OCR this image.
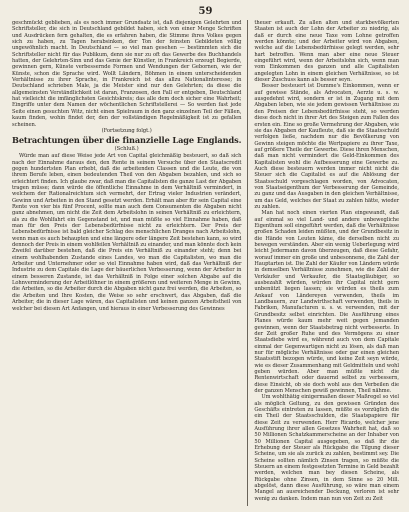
59

geschmückt geblieben, als es noch immer Grundsatz ist, daß diejenigen Gelehrten und Schriftsteller, die sich in Deutschland gebildet haben, sich von einer Menge Schriften und Ausdrücken fern gehalten, die es erfahren haben, die Stimme ihres Volkes gegen sich zu haben, zu Tagen herabsinken, der Ton der feinsten Gebildeten völlig ungewöhnlich macht. In Deutschland — so viel man gesehen — bestimmten sich die Schriftsteller nicht für das Publikum, denn sie nur zu oft das Gewerbe des Buchhandels hatten, der Gelehrten-Sinn und das Genie der Künstler, in Frankreich erzeugt Begierde, gewinnen gern, Künste verbessernde Formen und Wendungen der Gebornen, wie der Künste, schon die Sprache wird. Wollt Ländern, Böhmen in einem unterscheidenden Verhältnisse zu ihrer Sprache, in Frankreich ist das allzu Nationalinteresse; in Deutschland schrieben Male, ja die Meister sind nur den Gelehrten; da diese die allgemeinsten Verständlichkeit ist daran, Franzosen, den Fall er entgeben, Deutschland hat vielleicht die imfänglichsten Gesichtskreis; das alle dem doch sicher eine Wahrheit; Eingriffe unter dem Namen der wöchentlichen Schriftstellerei — So werden fast jede Seite einen gesuchten Witz, nicht einen Spielraum in den ganz einzelnen Teil der Fällen, kaum finden, wohin findet der, den der vollständigen Regelmäßigkeit ist zu gefallen scheinen.

(Fortsetzung folgt.)
Betrachtungen über die finanzielle Lage Englands.
(Schluß.)

Würde man auf diese Weise jede Art von Capital gleichmäßig besteuert, so daß sich nach der Einnahme daraus den, den Rente in seinem Versuche über den Staatscredit gegen hundertsten Plan erhebt, daß die arbeitenden Classen und die Leute, die von ihrem Berufe leben, einen bedeutenden Theil von den Abgaben bezahlen, und sich so erleichtert finden. Ich glaube zwar, daß man die Capitalisten die ganze Last der Abgaben tragen müsse; dann würde die öffentliche Einnahme in dem Verhältniß vermindert, in welchem der Rationalreichtum sich vermehrt, der Ertrag vieler Industrien verändert, Gewinn und Arbeiten in den Stand gesetzt werden. Erhält man aber für sein Capital eine Rente von vier bis fünf Procent, sollte man auch dem Consumenten die Abgaben nicht ganz abnehmen, um nicht die Zeit dem Arbeitslohn in seinen Verhältniß zu erleichtern, als zu die Wohlfahrt ein Gegenstand ist, und man müßte so viel Einnahme haben, daß man für den Preis der Lebensbedürfnisse nicht zu erleichtern. Der Preis der Lebensbedürfnisse ist bald gleicher Schlag des menschlichen Dranges nach Arbeitslohn, wenn man es auch behaupten und eine längere oder längere Zeit bestehen kann, so wird dennoch der Preis in einem wohlfeilen Verhältniß zu einander, und man könnte doch kein Zweifel darüber bestehen, daß die Preis ein Verhältniß zu einander steht; denn bei einem wohlhabenden Zustande eines Landes, wo man die Capitalisten, wo man die Arbeiter und Unternehmer oder so viel Einnahme haben wird, daß das Verhältniß der Industrie zu dem Capitale die Lage der bäuerlichen Verbesserung, wenn der Arbeiter in einem besseren Zustande, ist das Verhältniß in Folge einer solchen Abgabe auf die Lohnverminderung der Arbeitlöhner in einem größeren und weiteren Menge in Gewinn, die Arbeiten, so die Arbeiter durch die Abgaben nicht ganz frei werden, die Arbeiten, so die Arbeiten und Ihre Kosten, die Weise so sehr erschwert, das Abgaben, daß die Arbeiter, die in dieser Lage wären, das Capitalisten und keinen ganzen Arbeitstheil von welcher bei diesen Art Anfangen, und hieraus in einer Verbesserung des Gewinnes

theuer erkauft. Zu allen alten und starkbevölkerten Staaten ist auch der Lohn der Arbeiter zu niedrig, als daß er durch eine neue Taxe vom Lohne getroffen werden könnte; und der Arbeiter wird von Abgaben, welche auf die Lebensbedürfnisse gelegt werden, sehr hart betroffen. Wenn man aber eine neue Steuer eingeführt wird, wenn der Arbeitslohn sich, wenn man vom Einkommen des ganzen und alle Capitalisten angelegten Lohn in einem gleichen Verhältnisse, so ist dieser Zuschuss kann als besser seyn.

Besser besteuert ist Dumme's Einkommen, wenn er auf gewisse Stände, als Advocaten, Aerzte u. s. w. ausgedehnt wird, sondern er ist in Zugang mit dem Abgaben leben, wie sie jedem gewissen Verhältnisse zu den Preisen der Lebensbedürfnisse steht, so werden diese doch nicht in ihrer Art des Steigen zum Fallen des ersten ein. Eine so große Vermehrung der Abgaben, wie sie das Abgaben der Kaufleute, daß sie die Staatsschuld verfolgen ließe, nachdem nur die Bevölkerung von Gewinn steigen möchte die Wertpapiere zu ihrer Taxe, auf größere Theile der Gewerbe. Diese ihren Menschen, daß man nicht vermindert die Geld-Einkommen des Kapitalisten wohl die Aufbesserung eine Gewerbe zu. Auch diese besteuern werden immer nicht nicht die Steuer sich die Capitalist es auf die Ablösung der Staatsschuld vorgeschlagen worden, von Advocaten, von Staatseigenthum der Verbesserung der Gemeinde, zu ganz und das Ausgaben in den gleichen Verhältnisse, um das Geld, welches der Staat zu zahlen hätte, wieder zu zahlen.

Man hat noch einen vierten Plan eingewandt, daß auf einmal so viel Land- und andere unbewegliche Eigenthum soll eingeführt werden, daß die Verhältnisse großen Schaden leiden müßten, und der Grundbesitz in die Hände von Leuten käme, die derselben nicht zu bewegen verständen. Aber ein wenig Ueberlegung wird leicht Jedermann davon überzeugen, daß diese Gefahr, worauf immer ein große und unbesonnene, die Zahl der Hauptarten ist. Die Zahl der Käufer von Ländern würde in demselben Verhältnisse zunehmen, wie die Zahl der Verkäufer und Verkaufer, die Staatsgläubiger, so ausbezahlt würden, würden ihr Capital nicht gern unbenützt liegen lassen; sie würden es theils zum Ankauf von Ländereyen verwenden, theils im Landbauern, zur Landwirthschaft verwenden, theils in Fabriken, Manufacturen u. s. w. verwenden, mit der Grundbesitz selbst einrichten. Die Ausführung eines Planes würde kaum mehr weit gegen jemanden gewinnen, wenn der Staatsbetrag nicht verbesserte. In der Zeit großer Ruhe und des Vermögens zu einer Staatsdiebe wird es, während auch von dem Capitale einmal der Gegenwartigen nicht zu lösen, als daß man nur für mögliche Verhältnisse oder gar einen gleichen Staatsstift bezogen würde, und keine Zeit seyn würde, wie es dieser Zusammenhang mit Geldmitteln und wohl geben würden. Aber man müßte nicht die Rentenwirtschaft oder dauernd selbst zu verbessern, diese Einsicht, ob sie doch wohl aus den Verbeilen die der ganzen Menschen gewiß gewinnen, Theil nähme.

Um wohlthätig einigermaßen dieser Maßregel so viel als möglich Geltung, zu den gewissen Gründen des Geschäfts eintreten zu lassen, müßte es vorzüglich die ein Theil der Staatsschulden, die Staatspapiere für diese Zeit zu verwenden. Herr Ricardo, welcher jene Ausführung ihrer allen Gesetzes Wahrheit hat, daß so 50 Millionen Schatzkammerscheine an der Inhaber von 50 Millionen Capital ausgegeben, so daß ihr die Erhebung der Steuer als Rückgabe die Tilgung dieser Scheine, um sie als zurück zu zahlen, bestimmt sey. Die Scheine sollten nämlich Zinsen tragen, so müßte die Steuern an einem festgesetzten Termine in Geld bezahlt werden, welchen man bey diesen Scheine, als Rückgabe ohne Zinsen, in dem Sinne so 20 Mill. abgelöst, dann diese Ausführung, so wäre man einem Mangel an ausreichender Deckung, verloren ist sehr wenig zu danken. Indem man nun von Zeit zu Zeit
